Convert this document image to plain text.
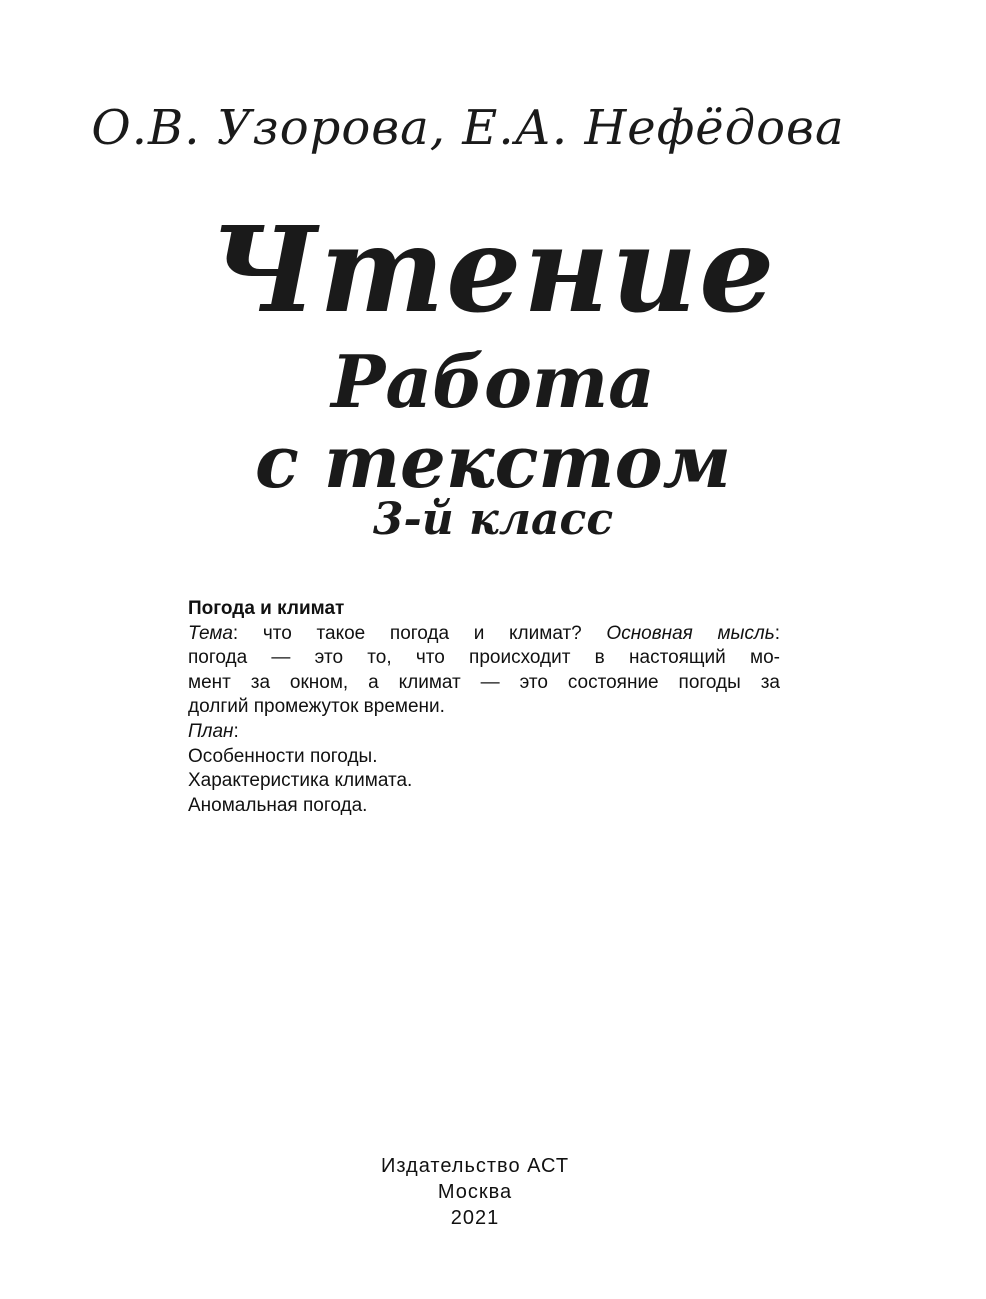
О.В. Узорова, Е.А. Нефёдова
Чтение
Работа
с текстом
3-й класс
Погода и климат
Тема: что такое погода и климат? Основная мысль:
погода — это то, что происходит в настоящий мо-
мент за окном, а климат — это состояние погоды за
долгий промежуток времени.
План:
Особенности погоды.
Характеристика климата.
Аномальная погода.
Издательство АСТ
Москва
2021
